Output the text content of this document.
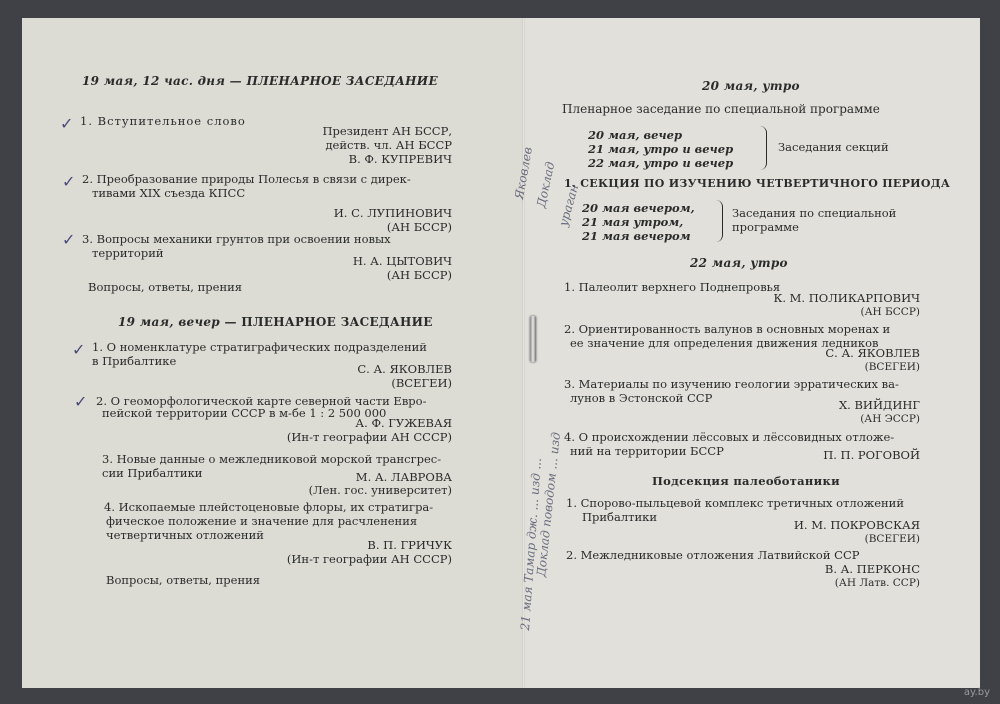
19 мая, 12 час. дня — ПЛЕНАРНОЕ ЗАСЕДАНИЕ
✓ 1. Вступительное слово
Президент АН БССР,
действ. чл. АН БССР
В. Ф. КУПРЕВИЧ
✓ 2. Преобразование природы Полесья в связи с дирек-
тивами XIX съезда КПСС
И. С. ЛУПИНОВИЧ
(АН БССР)
✓ 3. Вопросы механики грунтов при освоении новых
территорий
Н. А. ЦЫТОВИЧ
(АН БССР)
Вопросы, ответы, прения
19 мая, вечер — ПЛЕНАРНОЕ ЗАСЕДАНИЕ
✓ 1. О номенклатуре стратиграфических подразделений
в Прибалтике
С. А. ЯКОВЛЕВ
(ВСЕГЕИ)
✓ 2. О геоморфологической карте северной части Евро-
пейской территории СССР в м-бе 1 : 2 500 000
А. Ф. ГУЖЕВАЯ
(Ин-т географии АН СССР)
3. Новые данные о межледниковой морской трансгрес-
сии Прибалтики	М. А. ЛАВРОВА
(Лен. гос. университет)
4. Ископаемые плейстоценовые флоры, их стратигра-
фическое положение и значение для расчленения
четвертичных отложений
В. П. ГРИЧУК
(Ин-т географии АН СССР)
Вопросы, ответы, прения
20 мая, утро
Пленарное заседание по специальной программе
20 мая, вечер
21 мая, утро и вечер
22 мая, утро и вечер
Заседания секций
1. СЕКЦИЯ ПО ИЗУЧЕНИЮ ЧЕТВЕРТИЧНОГО ПЕРИОДА
20 мая вечером,
21 мая утром,
21 мая вечером
Заседания по специальной
программе
22 мая, утро
1. Палеолит верхнего Поднепровья
К. М. ПОЛИКАРПОВИЧ
(АН БССР)
2. Ориентированность валунов в основных моренах и
ее значение для определения движения ледников
С. А. ЯКОВЛЕВ
(ВСЕГЕИ)
3. Материалы по изучению геологии эрратических ва-
лунов в Эстонской ССР	Х. ВИЙДИНГ
(АН ЭССР)
4. О происхождении лёссовых и лёссовидных отложе-
ний на территории БССР	П. П. РОГОВОЙ
Подсекция палеоботаники
1. Спорово-пыльцевой комплекс третичных отложений
Прибалтики
И. М. ПОКРОВСКАЯ
(ВСЕГЕИ)
2. Межледниковые отложения Латвийской ССР
В. А. ПЕРКОНС
(АН Латв. ССР)
21 мая Тамар дж. ... изд ...
Доклад поводом ... изд
Яковлев Доклад
ураган
ay.by
